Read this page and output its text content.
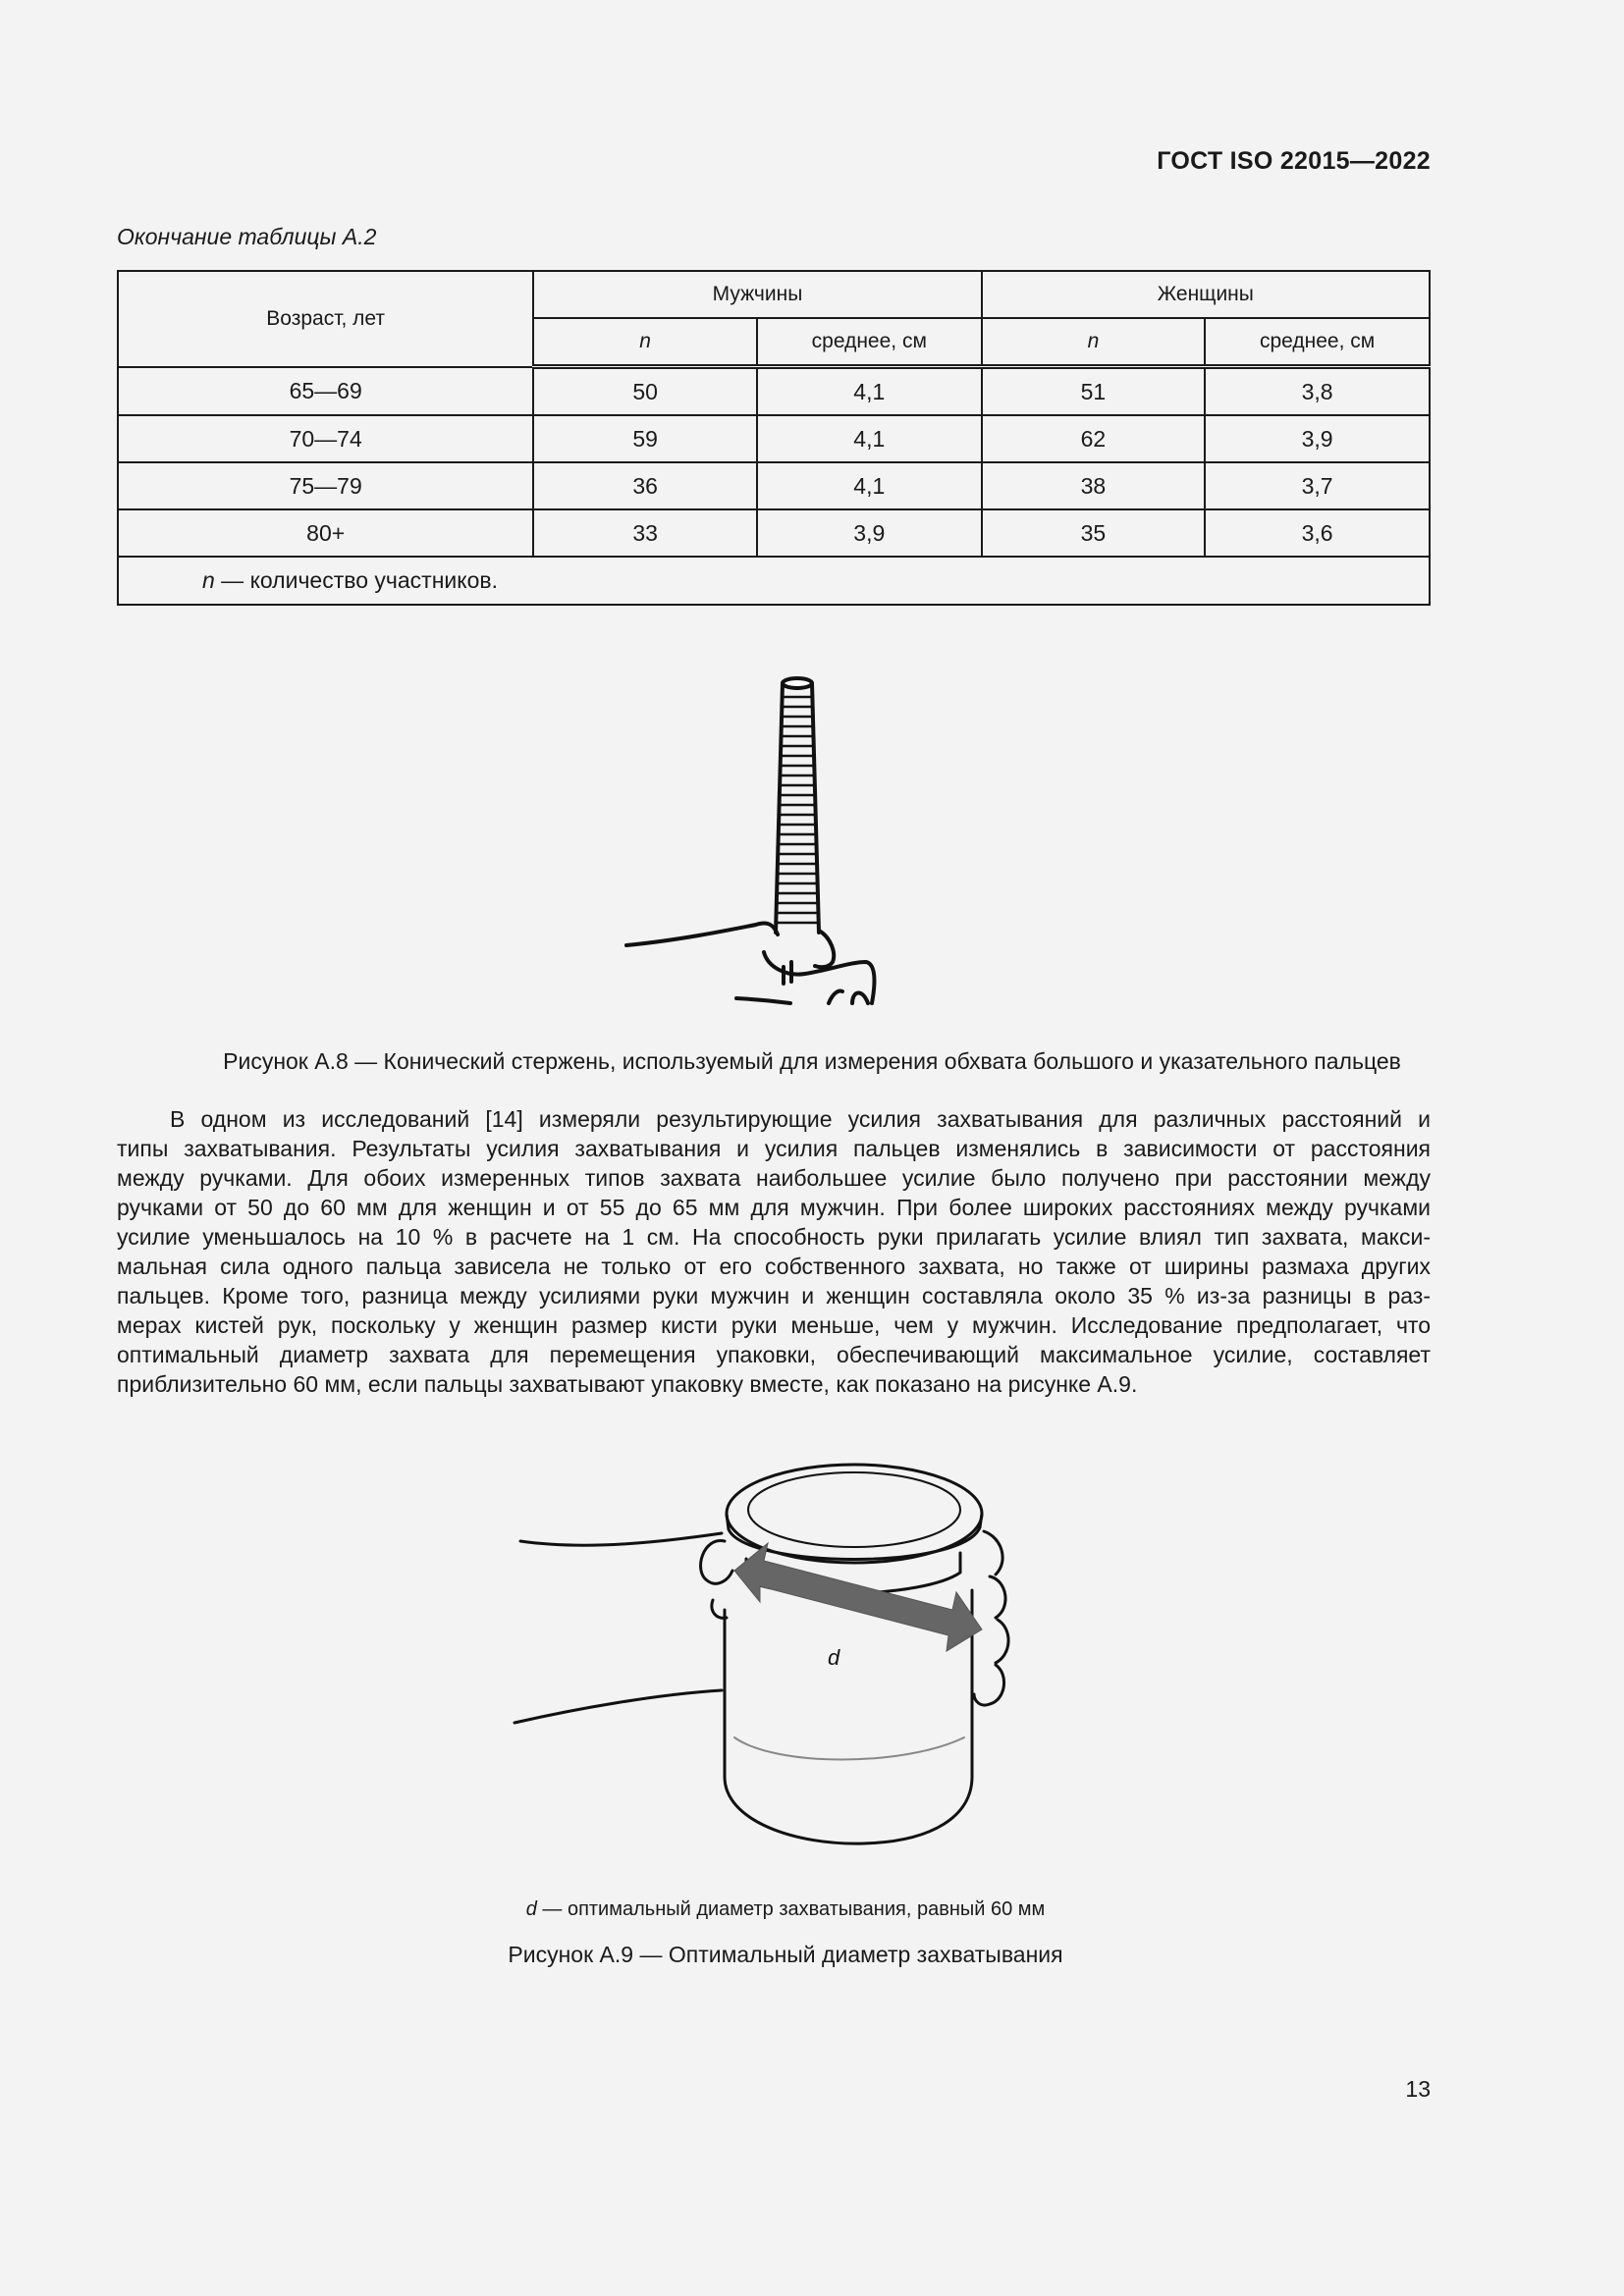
ГОСТ ISO 22015—2022
Окончание таблицы А.2
Возраст, лет	Мужчины		Женщины	
	n	среднее, см	n	среднее, см
65—69	50	4,1	51	3,8
70—74	59	4,1	62	3,9
75—79	36	4,1	38	3,7
80+	33	3,9	35	3,6
n — количество участников.				
Рисунок А.8 — Конический стержень, используемый для измерения обхвата большого и указательного пальцев
В одном из исследований [14] измеряли результирующие усилия захватывания для различных расстояний и
типы захватывания. Результаты усилия захватывания и усилия пальцев изменялись в зависимости от расстояния
между ручками. Для обоих измеренных типов захвата наибольшее усилие было получено при расстоянии между
ручками от 50 до 60 мм для женщин и от 55 до 65 мм для мужчин. При более широких расстояниях между ручками
усилие уменьшалось на 10 % в расчете на 1 см. На способность руки прилагать усилие влиял тип захвата, макси-
мальная сила одного пальца зависела не только от его собственного захвата, но также от ширины размаха других
пальцев. Кроме того, разница между усилиями руки мужчин и женщин составляла около 35 % из-за разницы в раз-
мерах кистей рук, поскольку у женщин размер кисти руки меньше, чем у мужчин. Исследование предполагает, что
оптимальный диаметр захвата для перемещения упаковки, обеспечивающий максимальное усилие, составляет
приблизительно 60 мм, если пальцы захватывают упаковку вместе, как показано на рисунке А.9.
d
d — оптимальный диаметр захватывания, равный 60 мм
Рисунок А.9 — Оптимальный диаметр захватывания
13
